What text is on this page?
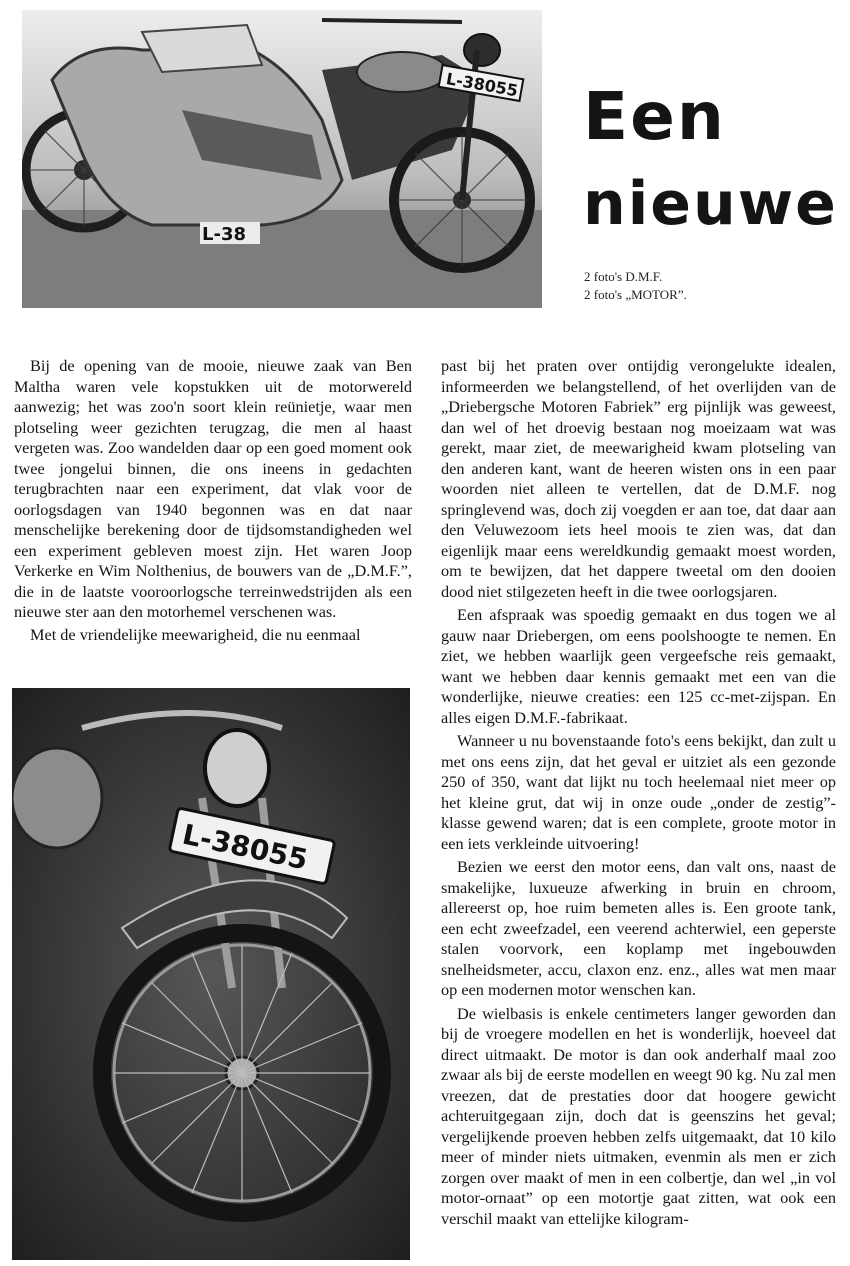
L-38055
L-38
Een
nieuwe
2 foto's D.M.F.
2 foto's „MOTOR”.

Bij de opening van de mooie, nieuwe zaak van Ben Maltha waren vele kopstukken uit de motorwereld aanwezig; het was zoo'n soort klein reünietje, waar men plotseling weer gezichten terugzag, die men al haast vergeten was. Zoo wandelden daar op een goed moment ook twee jongelui binnen, die ons ineens in gedachten terugbrachten naar een experiment, dat vlak voor de oorlogsdagen van 1940 begonnen was en dat naar menschelijke berekening door de tijdsomstandigheden wel een experiment gebleven moest zijn. Het waren Joop Verkerke en Wim Nolthenius, de bouwers van de „D.M.F.”, die in de laatste vooroorlogsche terreinwedstrijden als een nieuwe ster aan den motorhemel verschenen was.

Met de vriendelijke meewarigheid, die nu eenmaal

L-38055

past bij het praten over ontijdig verongelukte idealen, informeerden we belangstellend, of het overlijden van de „Driebergsche Motoren Fabriek” erg pijnlijk was geweest, dan wel of het droevig bestaan nog moeizaam wat was gerekt, maar ziet, de meewarigheid kwam plotseling van den anderen kant, want de heeren wisten ons in een paar woorden niet alleen te vertellen, dat de D.M.F. nog springlevend was, doch zij voegden er aan toe, dat daar aan den Veluwezoom iets heel moois te zien was, dat dan eigenlijk maar eens wereldkundig gemaakt moest worden, om te bewijzen, dat het dappere tweetal om den dooien dood niet stilgezeten heeft in die twee oorlogsjaren.

Een afspraak was spoedig gemaakt en dus togen we al gauw naar Driebergen, om eens poolshoogte te nemen. En ziet, we hebben waarlijk geen vergeefsche reis gemaakt, want we hebben daar kennis gemaakt met een van die wonderlijke, nieuwe creaties: een 125 cc-met-zijspan. En alles eigen D.M.F.-fabrikaat.

Wanneer u nu bovenstaande foto's eens bekijkt, dan zult u met ons eens zijn, dat het geval er uitziet als een gezonde 250 of 350, want dat lijkt nu toch heelemaal niet meer op het kleine grut, dat wij in onze oude „onder de zestig”-klasse gewend waren; dat is een complete, groote motor in een iets verkleinde uitvoering!

Bezien we eerst den motor eens, dan valt ons, naast de smakelijke, luxueuze afwerking in bruin en chroom, allereerst op, hoe ruim bemeten alles is. Een groote tank, een echt zweefzadel, een veerend achterwiel, een geperste stalen voorvork, een koplamp met ingebouwden snelheidsmeter, accu, claxon enz. enz., alles wat men maar op een modernen motor wenschen kan.

De wielbasis is enkele centimeters langer geworden dan bij de vroegere modellen en het is wonderlijk, hoeveel dat direct uitmaakt. De motor is dan ook anderhalf maal zoo zwaar als bij de eerste modellen en weegt 90 kg. Nu zal men vreezen, dat de prestaties door dat hoogere gewicht achteruitgegaan zijn, doch dat is geenszins het geval; vergelijkende proeven hebben zelfs uitgemaakt, dat 10 kilo meer of minder niets uitmaken, evenmin als men er zich zorgen over maakt of men in een colbertje, dan wel „in vol motor-ornaat” op een motortje gaat zitten, wat ook een verschil maakt van ettelijke kilogram-
